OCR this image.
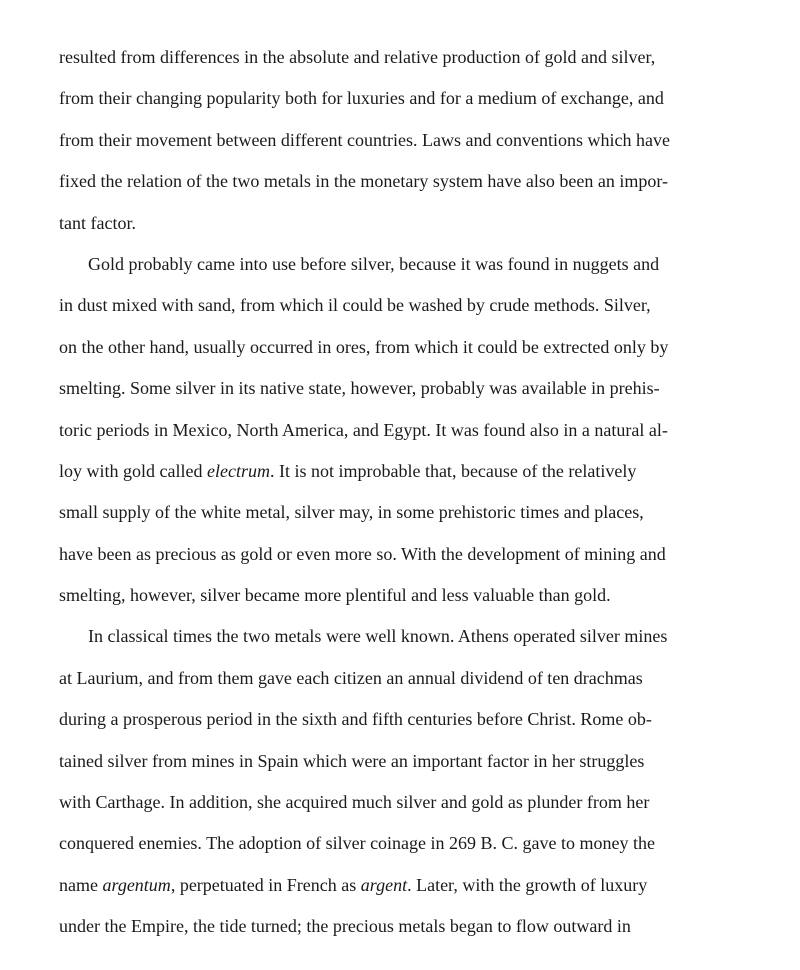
resulted from differences in the absolute and relative production of gold and silver,
from their changing popularity both for luxuries and for a medium of exchange, and
from their movement between different countries. Laws and conventions which have
fixed the relation of the two metals in the monetary system have also been an impor-
tant factor.
Gold probably came into use before silver, because it was found in nuggets and
in dust mixed with sand, from which il could be washed by crude methods. Silver,
on the other hand, usually occurred in ores, from which it could be extrected only by
smelting. Some silver in its native state, however, probably was available in prehis-
toric periods in Mexico, North America, and Egypt. It was found also in a natural al-
loy with gold called electrum. It is not improbable that, because of the relatively
small supply of the white metal, silver may, in some prehistoric times and places,
have been as precious as gold or even more so. With the development of mining and
smelting, however, silver became more plentiful and less valuable than gold.
In classical times the two metals were well known. Athens operated silver mines
at Laurium, and from them gave each citizen an annual dividend of ten drachmas
during a prosperous period in the sixth and fifth centuries before Christ. Rome ob-
tained silver from mines in Spain which were an important factor in her struggles
with Carthage. In addition, she acquired much silver and gold as plunder from her
conquered enemies. The adoption of silver coinage in 269 B. C. gave to money the
name argentum, perpetuated in French as argent. Later, with the growth of luxury
under the Empire, the tide turned; the precious metals began to flow outward in
